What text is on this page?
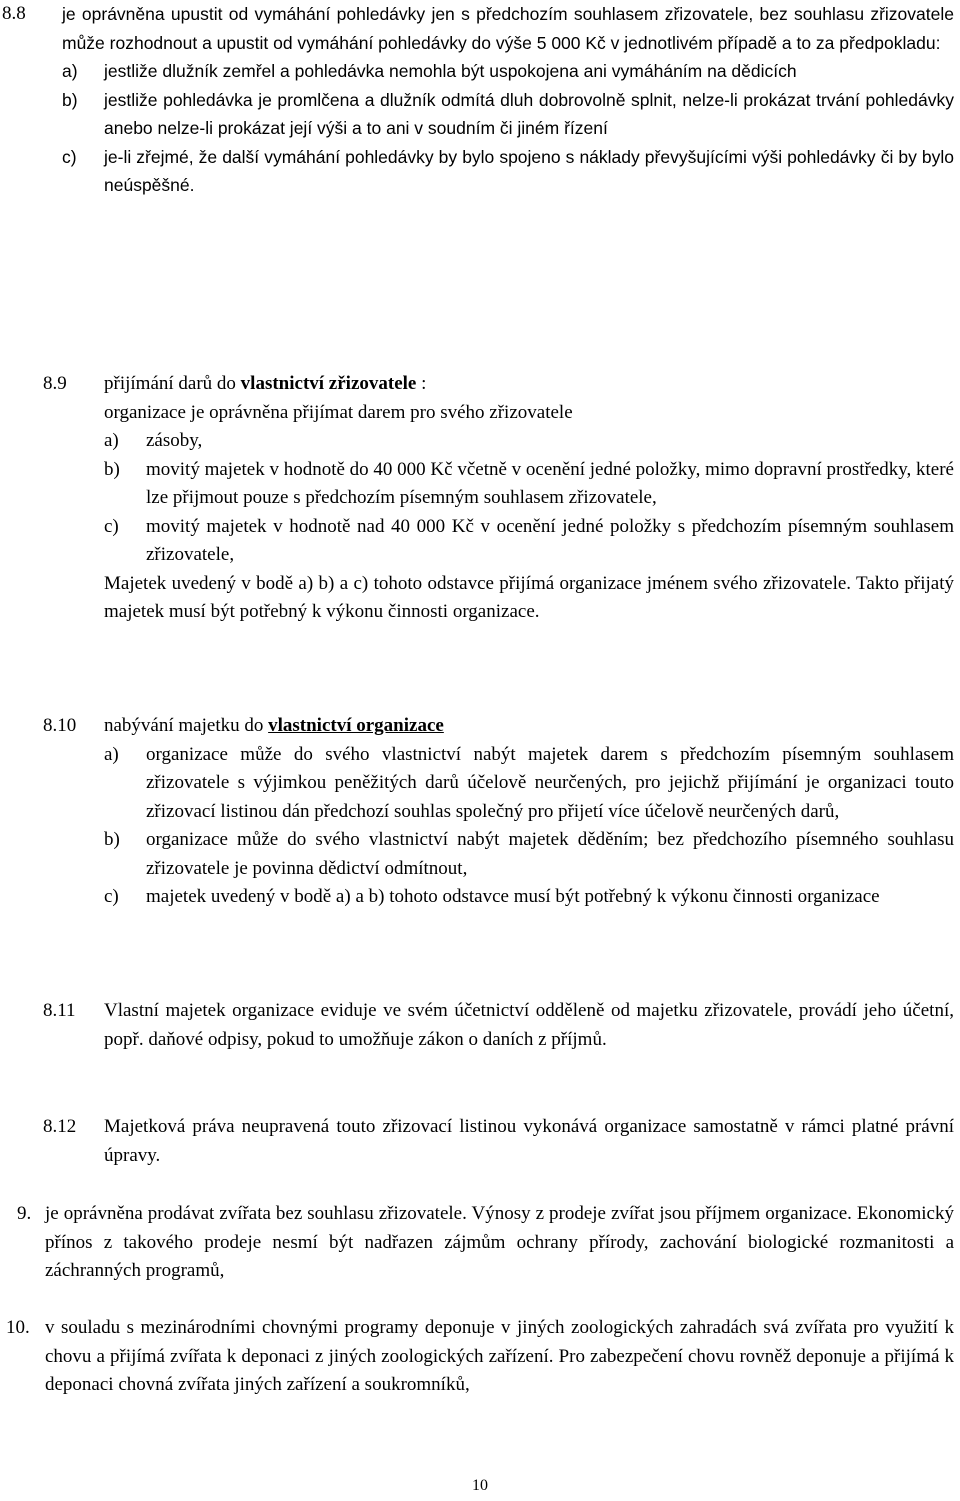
8.8 je oprávněna upustit od vymáhání pohledávky jen s předchozím souhlasem zřizovatele, bez souhlasu zřizovatele může rozhodnout a upustit od vymáhání pohledávky do výše 5 000 Kč v jednotlivém případě a to za předpokladu:
a) jestliže dlužník zemřel a pohledávka nemohla být uspokojena ani vymáháním na dědicích
b) jestliže pohledávka je promlčena a dlužník odmítá dluh dobrovolně splnit, nelze-li prokázat trvání pohledávky anebo nelze-li prokázat její výši a to ani v soudním či jiném řízení
c) je-li zřejmé, že další vymáhání pohledávky by bylo spojeno s náklady převyšujícími výši pohledávky či by bylo neúspěšné.
8.9 přijímání darů do vlastnictví zřizovatele :
organizace je oprávněna přijímat darem pro svého zřizovatele
a) zásoby,
b) movitý majetek v hodnotě do 40 000 Kč včetně v ocenění jedné položky, mimo dopravní prostředky, které lze přijmout pouze s předchozím písemným souhlasem zřizovatele,
c) movitý majetek v hodnotě nad 40 000 Kč v ocenění jedné položky s předchozím písemným souhlasem zřizovatele,
Majetek uvedený v bodě a) b) a c) tohoto odstavce přijímá organizace jménem svého zřizovatele. Takto přijatý majetek musí být potřebný k výkonu činnosti organizace.
8.10 nabývání majetku do vlastnictví organizace
a) organizace může do svého vlastnictví nabýt majetek darem s předchozím písemným souhlasem zřizovatele s výjimkou peněžitých darů účelově neurčených, pro jejichž přijímání je organizaci touto zřizovací listinou dán předchozí souhlas společný pro přijetí více účelově neurčených darů,
b) organizace může do svého vlastnictví nabýt majetek děděním; bez předchozího písemného souhlasu zřizovatele je povinna dědictví odmítnout,
c) majetek uvedený v bodě a) a b) tohoto odstavce musí být potřebný k výkonu činnosti organizace
8.11 Vlastní majetek organizace eviduje ve svém účetnictví odděleně od majetku zřizovatele, provádí jeho účetní, popř. daňové odpisy, pokud to umožňuje zákon o daních z příjmů.
8.12 Majetková práva neupravená touto zřizovací listinou vykonává organizace samostatně v rámci platné právní úpravy.
9. je oprávněna prodávat zvířata bez souhlasu zřizovatele. Výnosy z prodeje zvířat jsou příjmem organizace. Ekonomický přínos z takového prodeje nesmí být nadřazen zájmům ochrany přírody, zachování biologické rozmanitosti a záchranných programů,
10. v souladu s mezinárodními chovnými programy deponuje v jiných zoologických zahradách svá zvířata pro využití k chovu a přijímá zvířata k deponaci z jiných zoologických zařízení. Pro zabezpečení chovu rovněž deponuje a přijímá k deponaci chovná zvířata jiných zařízení a soukromníků,
10
